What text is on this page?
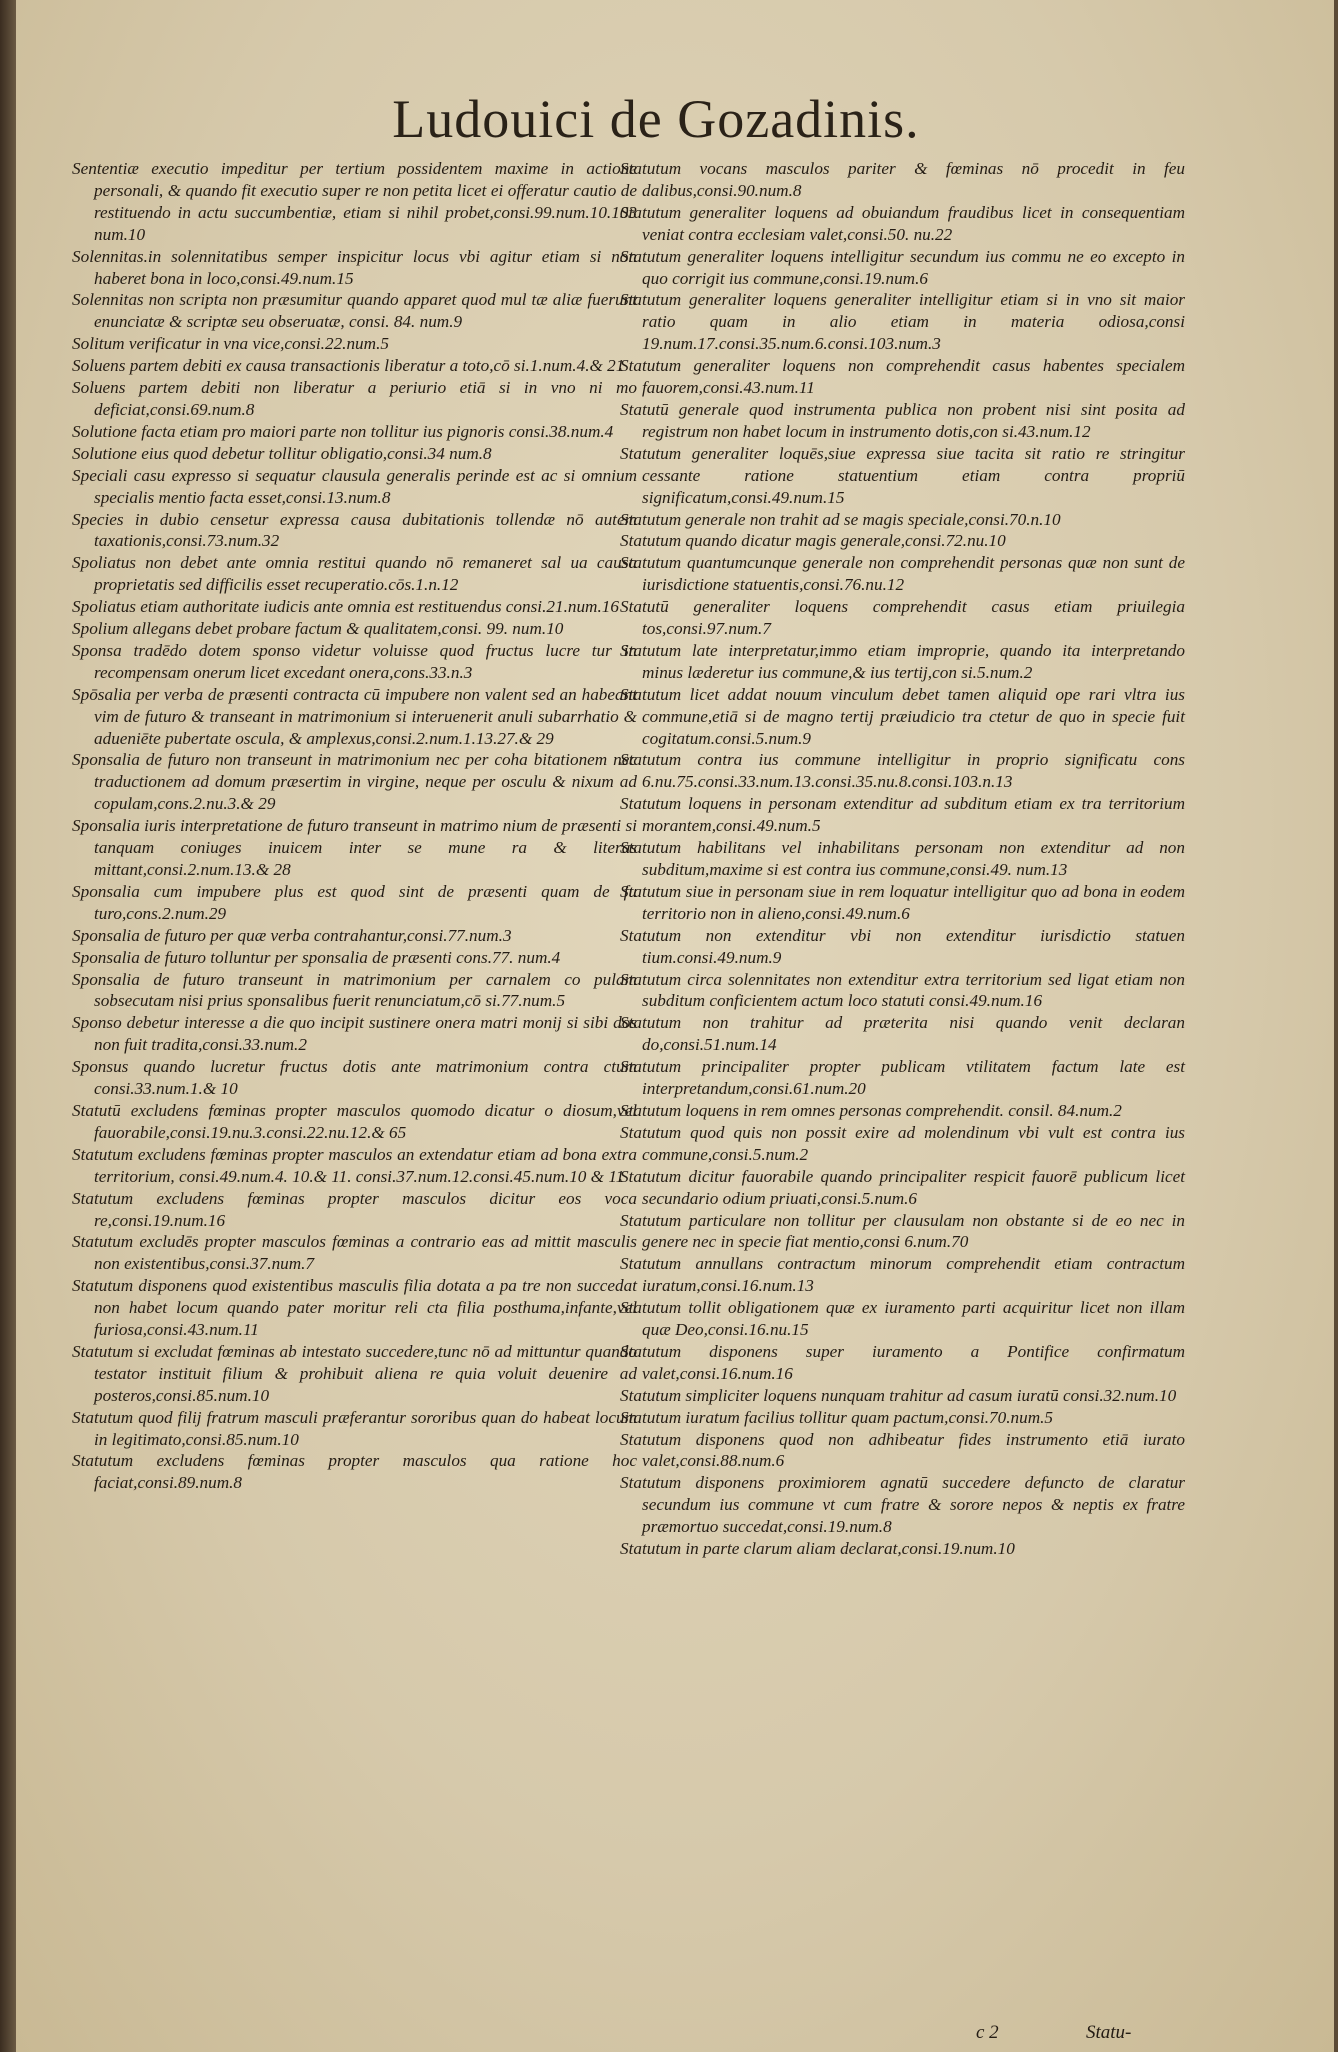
Ludouici de Gozadinis.

Sententiæ executio impeditur per tertium possidentem maxime in actione personali, & quando fit executio super re non petita licet ei offeratur cautio de restituendo in actu succumbentiæ, etiam si nihil probet,consi.99.num.10.103 num.10

Solennitas.in solennitatibus semper inspicitur locus vbi agitur etiam si non haberet bona in loco,consi.49.num.15

Solennitas non scripta non præsumitur quando apparet quod mul tæ aliæ fuerunt enunciatæ & scriptæ seu obseruatæ, consi. 84. num.9

Solitum verificatur in vna vice,consi.22.num.5

Soluens partem debiti ex causa transactionis liberatur a toto,cō si.1.num.4.& 21

Soluens partem debiti non liberatur a periurio etiā si in vno ni mo deficiat,consi.69.num.8

Solutione facta etiam pro maiori parte non tollitur ius pignoris consi.38.num.4

Solutione eius quod debetur tollitur obligatio,consi.34 num.8

Speciali casu expresso si sequatur clausula generalis perinde est ac si omnium specialis mentio facta esset,consi.13.num.8

Species in dubio censetur expressa causa dubitationis tollendæ nō autem taxationis,consi.73.num.32

Spoliatus non debet ante omnia restitui quando nō remaneret sal ua causa proprietatis sed difficilis esset recuperatio.cōs.1.n.12

Spoliatus etiam authoritate iudicis ante omnia est restituendus consi.21.num.16

Spolium allegans debet probare factum & qualitatem,consi. 99. num.10

Sponsa tradēdo dotem sponso videtur voluisse quod fructus lucre tur in recompensam onerum licet excedant onera,cons.33.n.3

Spōsalia per verba de præsenti contracta cū impubere non valent sed an habeant vim de futuro & transeant in matrimonium si interuenerit anuli subarrhatio & adueniēte pubertate oscula, & amplexus,consi.2.num.1.13.27.& 29

Sponsalia de futuro non transeunt in matrimonium nec per coha bitationem nec traductionem ad domum præsertim in virgine, neque per osculu & nixum ad copulam,cons.2.nu.3.& 29

Sponsalia iuris interpretatione de futuro transeunt in matrimo nium de præsenti si tanquam coniuges inuicem inter se mune ra & literas mittant,consi.2.num.13.& 28

Sponsalia cum impubere plus est quod sint de præsenti quam de fu turo,cons.2.num.29

Sponsalia de futuro per quæ verba contrahantur,consi.77.num.3

Sponsalia de futuro tolluntur per sponsalia de præsenti cons.77. num.4

Sponsalia de futuro transeunt in matrimonium per carnalem co pulam sobsecutam nisi prius sponsalibus fuerit renunciatum,cō si.77.num.5

Sponso debetur interesse a die quo incipit sustinere onera matri monij si sibi dos non fuit tradita,consi.33.num.2

Sponsus quando lucretur fructus dotis ante matrimonium contra ctum consi.33.num.1.& 10

Statutū excludens fœminas propter masculos quomodo dicatur o diosum,vel fauorabile,consi.19.nu.3.consi.22.nu.12.& 65

Statutum excludens fœminas propter masculos an extendatur etiam ad bona extra territorium, consi.49.num.4. 10.& 11. consi.37.num.12.consi.45.num.10 & 11

Statutum excludens fœminas propter masculos dicitur eos voca re,consi.19.num.16

Statutum excludēs propter masculos fœminas a contrario eas ad mittit masculis non existentibus,consi.37.num.7

Statutum disponens quod existentibus masculis filia dotata a pa tre non succedat non habet locum quando pater moritur reli cta filia posthuma,infante,vel furiosa,consi.43.num.11

Statutum si excludat fœminas ab intestato succedere,tunc nō ad mittuntur quando testator instituit filium & prohibuit aliena re quia voluit deuenire ad posteros,consi.85.num.10

Statutum quod filij fratrum masculi præferantur sororibus quan do habeat locum in legitimato,consi.85.num.10

Statutum excludens fœminas propter masculos qua ratione hoc faciat,consi.89.num.8

Statutum vocans masculos pariter & fœminas nō procedit in feu dalibus,consi.90.num.8

Statutum generaliter loquens ad obuiandum fraudibus licet in consequentiam veniat contra ecclesiam valet,consi.50. nu.22

Statutum generaliter loquens intelligitur secundum ius commu ne eo excepto in quo corrigit ius commune,consi.19.num.6

Statutum generaliter loquens generaliter intelligitur etiam si in vno sit maior ratio quam in alio etiam in materia odiosa,consi 19.num.17.consi.35.num.6.consi.103.num.3

Statutum generaliter loquens non comprehendit casus habentes specialem fauorem,consi.43.num.11

Statutū generale quod instrumenta publica non probent nisi sint posita ad registrum non habet locum in instrumento dotis,con si.43.num.12

Statutum generaliter loquēs,siue expressa siue tacita sit ratio re stringitur cessante ratione statuentium etiam contra propriū significatum,consi.49.num.15

Statutum generale non trahit ad se magis speciale,consi.70.n.10

Statutum quando dicatur magis generale,consi.72.nu.10

Statutum quantumcunque generale non comprehendit personas quæ non sunt de iurisdictione statuentis,consi.76.nu.12

Statutū generaliter loquens comprehendit casus etiam priuilegia tos,consi.97.num.7

Statutum late interpretatur,immo etiam improprie, quando ita interpretando minus læderetur ius commune,& ius tertij,con si.5.num.2

Statutum licet addat nouum vinculum debet tamen aliquid ope rari vltra ius commune,etiā si de magno tertij præiudicio tra ctetur de quo in specie fuit cogitatum.consi.5.num.9

Statutum contra ius commune intelligitur in proprio significatu cons 6.nu.75.consi.33.num.13.consi.35.nu.8.consi.103.n.13

Statutum loquens in personam extenditur ad subditum etiam ex tra territorium morantem,consi.49.num.5

Statutum habilitans vel inhabilitans personam non extenditur ad non subditum,maxime si est contra ius commune,consi.49. num.13

Statutum siue in personam siue in rem loquatur intelligitur quo ad bona in eodem territorio non in alieno,consi.49.num.6

Statutum non extenditur vbi non extenditur iurisdictio statuen tium.consi.49.num.9

Statutum circa solennitates non extenditur extra territorium sed ligat etiam non subditum conficientem actum loco statuti consi.49.num.16

Statutum non trahitur ad præterita nisi quando venit declaran do,consi.51.num.14

Statutum principaliter propter publicam vtilitatem factum late est interpretandum,consi.61.num.20

Statutum loquens in rem omnes personas comprehendit. consil. 84.num.2

Statutum quod quis non possit exire ad molendinum vbi vult est contra ius commune,consi.5.num.2

Statutum dicitur fauorabile quando principaliter respicit fauorē publicum licet secundario odium priuati,consi.5.num.6

Statutum particulare non tollitur per clausulam non obstante si de eo nec in genere nec in specie fiat mentio,consi 6.num.70

Statutum annullans contractum minorum comprehendit etiam contractum iuratum,consi.16.num.13

Statutum tollit obligationem quæ ex iuramento parti acquiritur licet non illam quæ Deo,consi.16.nu.15

Statutum disponens super iuramento a Pontifice confirmatum valet,consi.16.num.16

Statutum simpliciter loquens nunquam trahitur ad casum iuratū consi.32.num.10

Statutum iuratum facilius tollitur quam pactum,consi.70.num.5

Statutum disponens quod non adhibeatur fides instrumento etiā iurato valet,consi.88.num.6

Statutum disponens proximiorem agnatū succedere defuncto de claratur secundum ius commune vt cum fratre & sorore nepos & neptis ex fratre præmortuo succedat,consi.19.num.8

Statutum in parte clarum aliam declarat,consi.19.num.10

c 2	Statu-
